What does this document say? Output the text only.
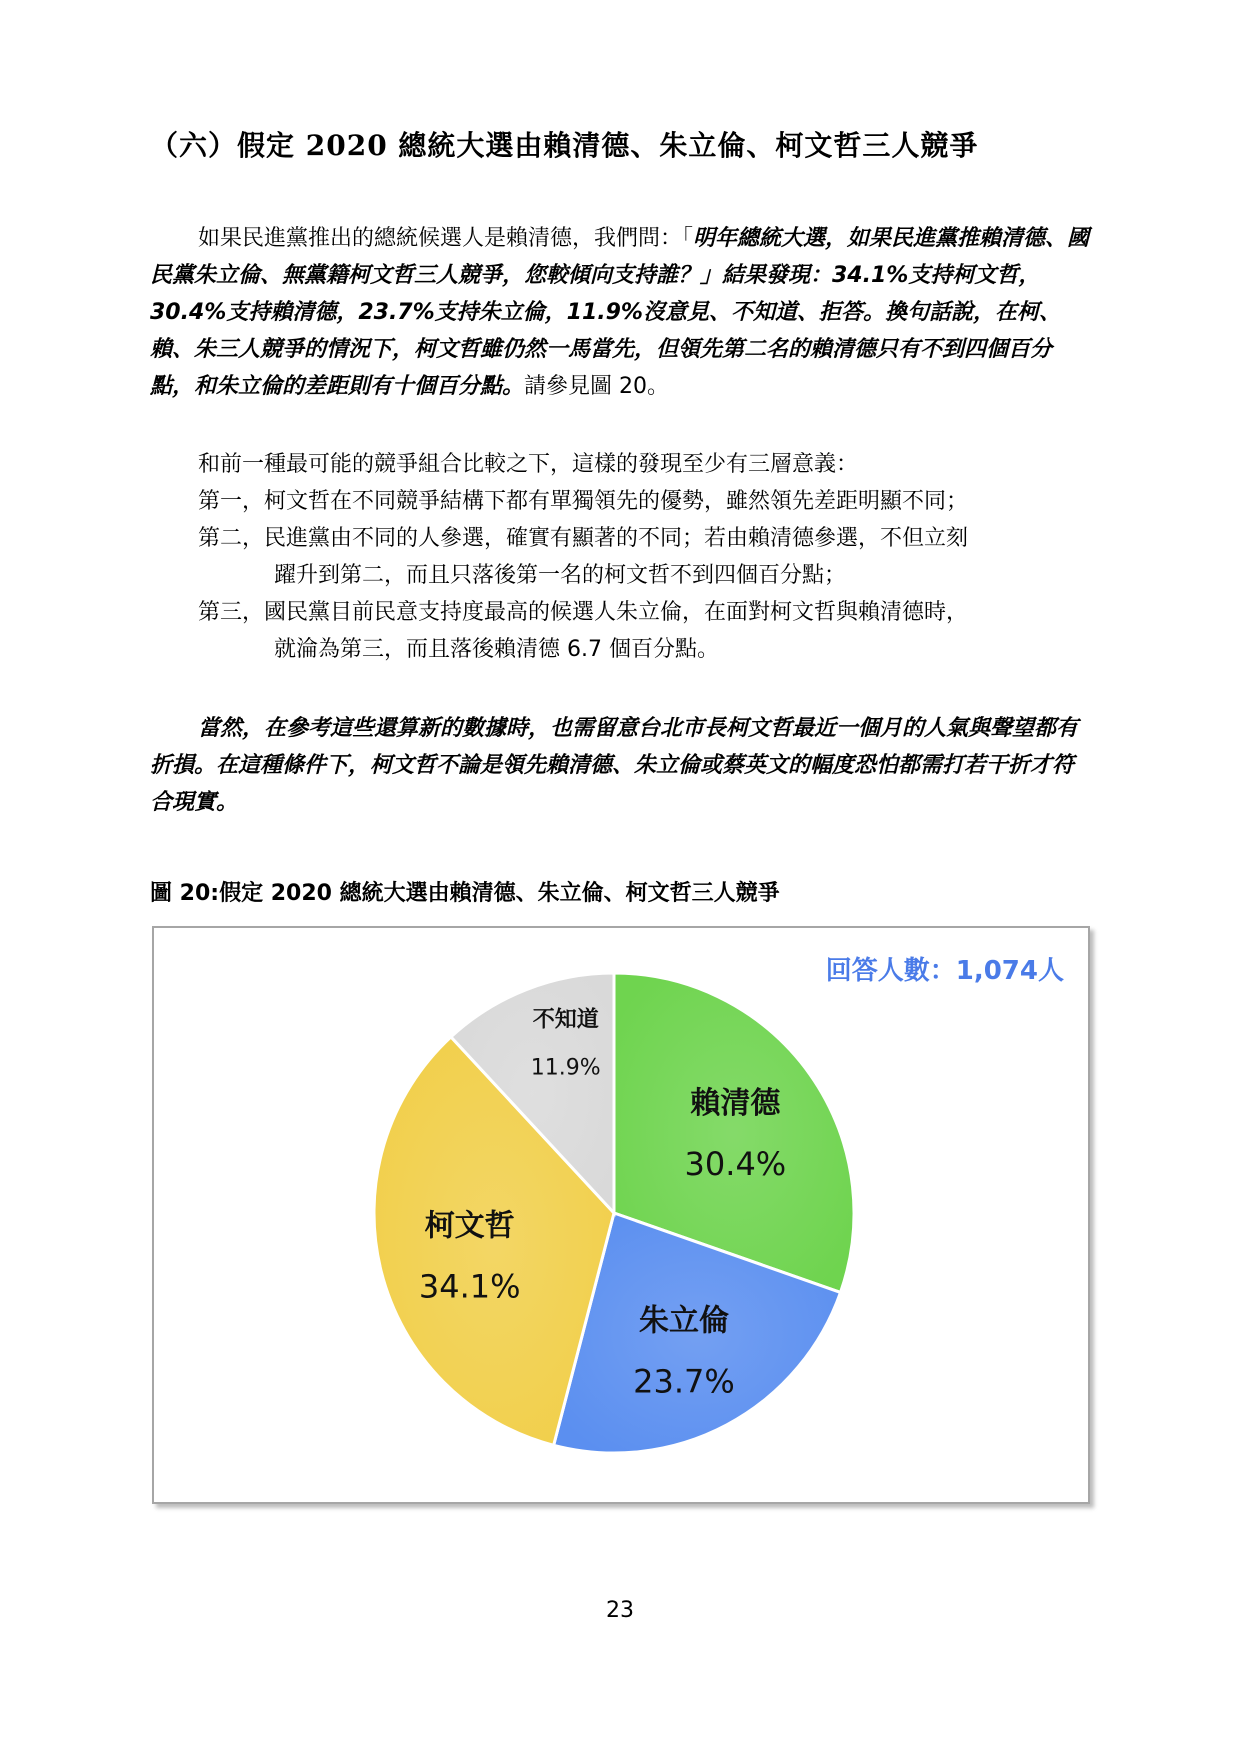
（六）假定 2020 總統大選由賴清德、朱立倫、柯文哲三人競爭

如果民進黨推出的總統候選人是賴清德，我們問：「明年總統大選，如果民進黨推賴清德、國民黨朱立倫、無黨籍柯文哲三人競爭，您較傾向支持誰？」結果發現：34.1%支持柯文哲，30.4%支持賴清德，23.7%支持朱立倫，11.9%沒意見、不知道、拒答。換句話說，在柯、賴、朱三人競爭的情況下，柯文哲雖仍然一馬當先，但領先第二名的賴清德只有不到四個百分點，和朱立倫的差距則有十個百分點。請參見圖 20。

和前一種最可能的競爭組合比較之下，這樣的發現至少有三層意義：
第一，柯文哲在不同競爭結構下都有單獨領先的優勢，雖然領先差距明顯不同；
第二，民進黨由不同的人參選，確實有顯著的不同；若由賴清德參選，不但立刻
躍升到第二，而且只落後第一名的柯文哲不到四個百分點；
第三，國民黨目前民意支持度最高的候選人朱立倫，在面對柯文哲與賴清德時，
就淪為第三，而且落後賴清德 6.7 個百分點。

當然，在參考這些還算新的數據時，也需留意台北市長柯文哲最近一個月的人氣與聲望都有折損。在這種條件下，柯文哲不論是領先賴清德、朱立倫或蔡英文的幅度恐怕都需打若干折才符合現實。

圖 20:假定 2020 總統大選由賴清德、朱立倫、柯文哲三人競爭
回答人數：1,074人
賴清德
30.4%
朱立倫
23.7%
柯文哲
34.1%
不知道
11.9%
23
